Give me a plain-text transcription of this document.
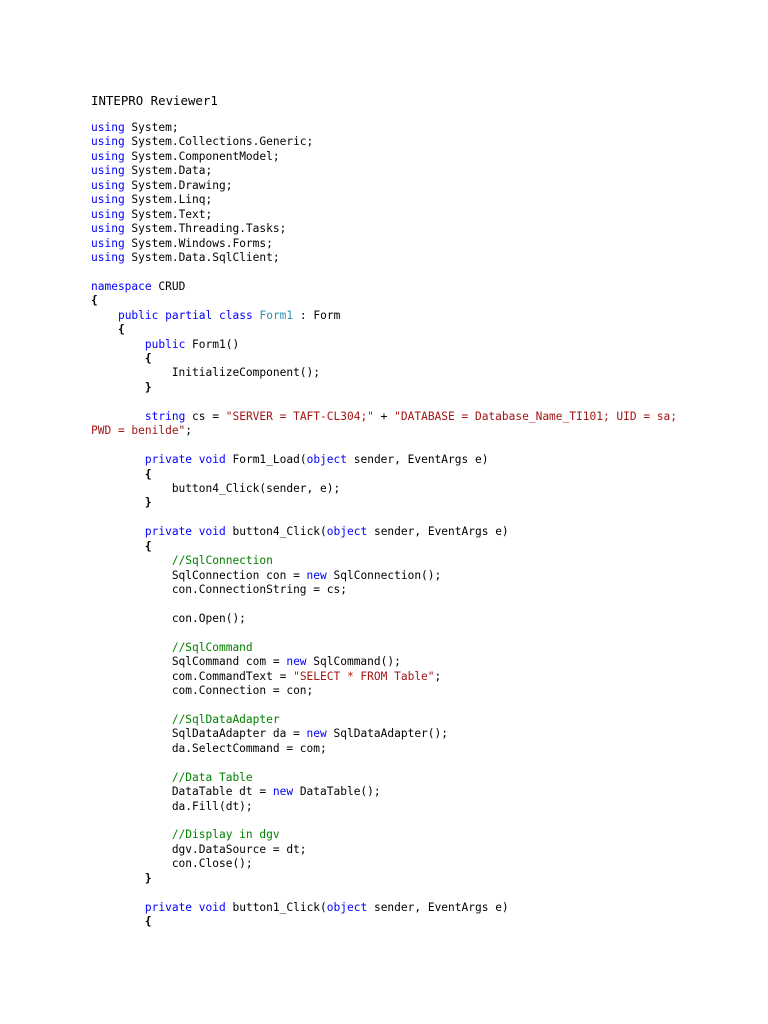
INTEPRO Reviewer1
using System;
using System.Collections.Generic;
using System.ComponentModel;
using System.Data;
using System.Drawing;
using System.Linq;
using System.Text;
using System.Threading.Tasks;
using System.Windows.Forms;
using System.Data.SqlClient;

namespace CRUD
{
public partial class Form1 : Form
{
public Form1()
{
InitializeComponent();
}

string cs = "SERVER = TAFT-CL304;" + "DATABASE = Database_Name_TI101; UID = sa;
PWD = benilde";

private void Form1_Load(object sender, EventArgs e)
{
button4_Click(sender, e);
}

private void button4_Click(object sender, EventArgs e)
{
//SqlConnection
SqlConnection con = new SqlConnection();
con.ConnectionString = cs;

con.Open();

//SqlCommand
SqlCommand com = new SqlCommand();
com.CommandText = "SELECT * FROM Table";
com.Connection = con;

//SqlDataAdapter
SqlDataAdapter da = new SqlDataAdapter();
da.SelectCommand = com;

//Data Table
DataTable dt = new DataTable();
da.Fill(dt);

//Display in dgv
dgv.DataSource = dt;
con.Close();
}

private void button1_Click(object sender, EventArgs e)
{
